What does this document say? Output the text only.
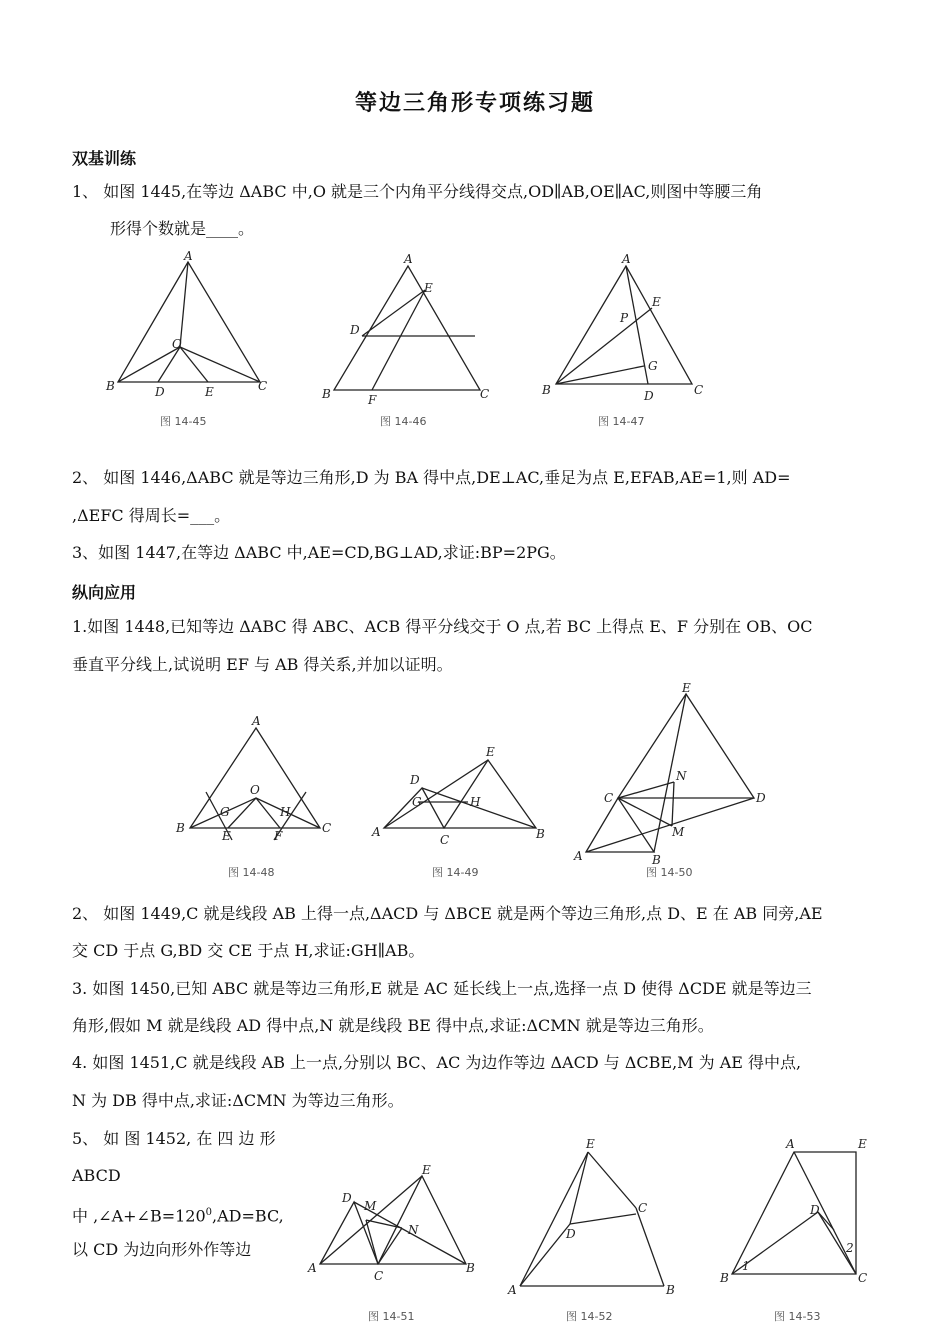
等边三角形专项练习题
双基训练
1、 如图 1445,在等边 ΔABC 中,O 就是三个内角平分线得交点,OD∥AB,OE∥AC,则图中等腰三角
形得个数就是____。
A
B	C
O
D	E
图 14-45
A
B	C
D
E
F
图 14-46
A
B	C
D
E
P
G
图 14-47
2、 如图 1446,ΔABC 就是等边三角形,D 为 BA 得中点,DE⊥AC,垂足为点 E,EFAB,AE=1,则 AD=
,ΔEFC 得周长=___。
3、如图 1447,在等边 ΔABC 中,AE=CD,BG⊥AD,求证:BP=2PG。
纵向应用
1.如图 1448,已知等边 ΔABC 得 ABC、ACB 得平分线交于 O 点,若 BC 上得点 E、F 分别在 OB、OC
垂直平分线上,试说明 EF 与 AB 得关系,并加以证明。
A
B	C
O
G	H
E	F
图 14-48
A	B
C
D
E
G	H
图 14-49
E
A	B
C	D
M
N
图 14-50
2、 如图 1449,C 就是线段 AB 上得一点,ΔACD 与 ΔBCE 就是两个等边三角形,点 D、E 在 AB 同旁,AE
交 CD 于点 G,BD 交 CE 于点 H,求证:GH∥AB。
3. 如图 1450,已知 ABC 就是等边三角形,E 就是 AC 延长线上一点,选择一点 D 使得 ΔCDE 就是等边三
角形,假如 M 就是线段 AD 得中点,N 就是线段 BE 得中点,求证:ΔCMN 就是等边三角形。
4. 如图 1451,C 就是线段 AB 上一点,分别以 BC、AC 为边作等边 ΔACD 与 ΔCBE,M 为 AE 得中点,
N 为 DB 得中点,求证:ΔCMN 为等边三角形。
5、 如 图 1452, 在 四 边 形
ABCD
中 $,\angle A+\angle B=120^0,AD=BC$,
以 CD 为边向形外作等边
A	B
C
D
E
M
N
图 14-51
A	B
C
D
E
图 14-52
A
B	C
D
E
1
2
图 14-53
